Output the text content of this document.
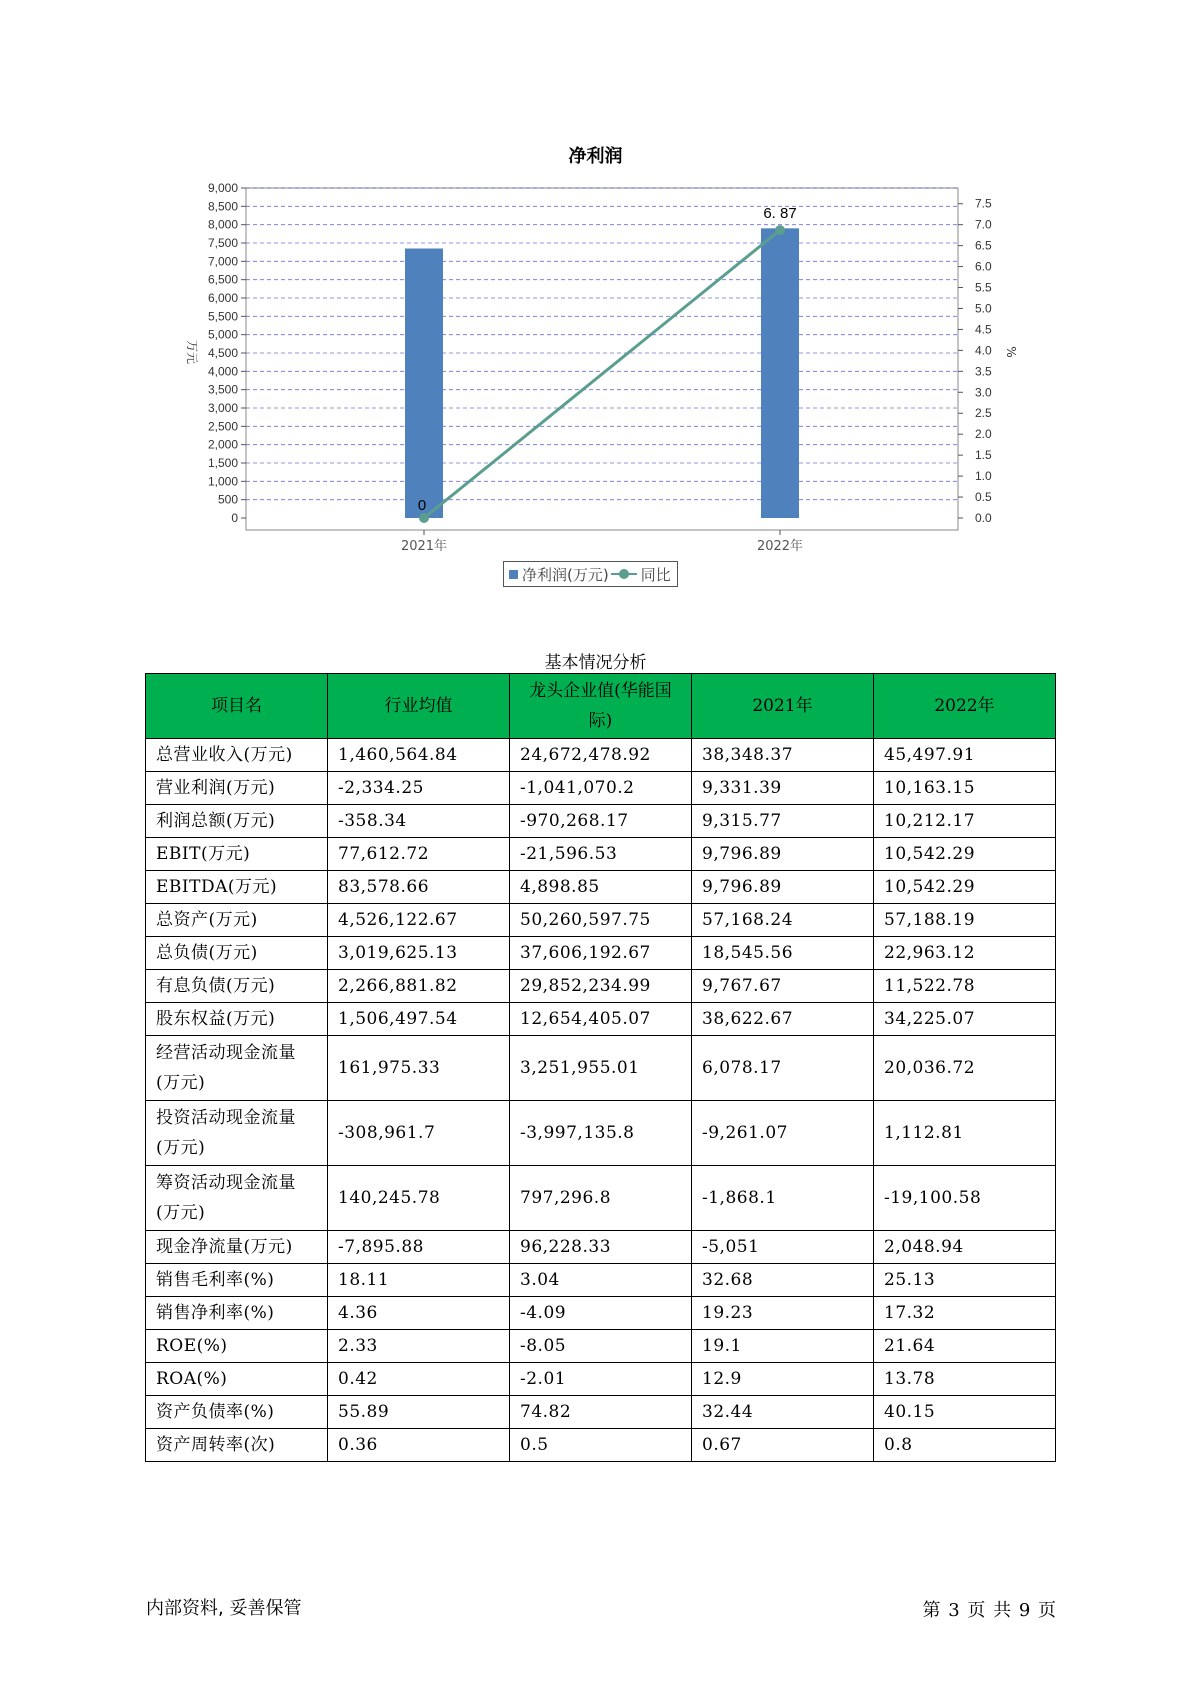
净利润
0
500
1,000
1,500
2,000
2,500
3,000
3,500
4,000
4,500
5,000
5,500
6,000
6,500
7,000
7,500
8,000
8,500
9,000
0.0
0.5
1.0
1.5
2.0
2.5
3.0
3.5
4.0
4.5
5.0
5.5
6.0
6.5
7.0
7.5
万元	%
2021年	2022年
0
6. 87
净利润(万元) 同比
基本情况分析
项目名	行业均值	龙头企业值(华能国际)	2021年	2022年
总营业收入(万元)	1,460,564.84	24,672,478.92	38,348.37	45,497.91
营业利润(万元)	-2,334.25	-1,041,070.2	9,331.39	10,163.15
利润总额(万元)	-358.34	-970,268.17	9,315.77	10,212.17
EBIT(万元)	77,612.72	-21,596.53	9,796.89	10,542.29
EBITDA(万元)	83,578.66	4,898.85	9,796.89	10,542.29
总资产(万元)	4,526,122.67	50,260,597.75	57,168.24	57,188.19
总负债(万元)	3,019,625.13	37,606,192.67	18,545.56	22,963.12
有息负债(万元)	2,266,881.82	29,852,234.99	9,767.67	11,522.78
股东权益(万元)	1,506,497.54	12,654,405.07	38,622.67	34,225.07
经营活动现金流量(万元)	161,975.33	3,251,955.01	6,078.17	20,036.72
投资活动现金流量(万元)	-308,961.7	-3,997,135.8	-9,261.07	1,112.81
筹资活动现金流量(万元)	140,245.78	797,296.8	-1,868.1	-19,100.58
现金净流量(万元)	-7,895.88	96,228.33	-5,051	2,048.94
销售毛利率(%)	18.11	3.04	32.68	25.13
销售净利率(%)	4.36	-4.09	19.23	17.32
ROE(%)	2.33	-8.05	19.1	21.64
ROA(%)	0.42	-2.01	12.9	13.78
资产负债率(%)	55.89	74.82	32.44	40.15
资产周转率(次)	0.36	0.5	0.67	0.8
内部资料, 妥善保管	第 3 页 共 9 页
